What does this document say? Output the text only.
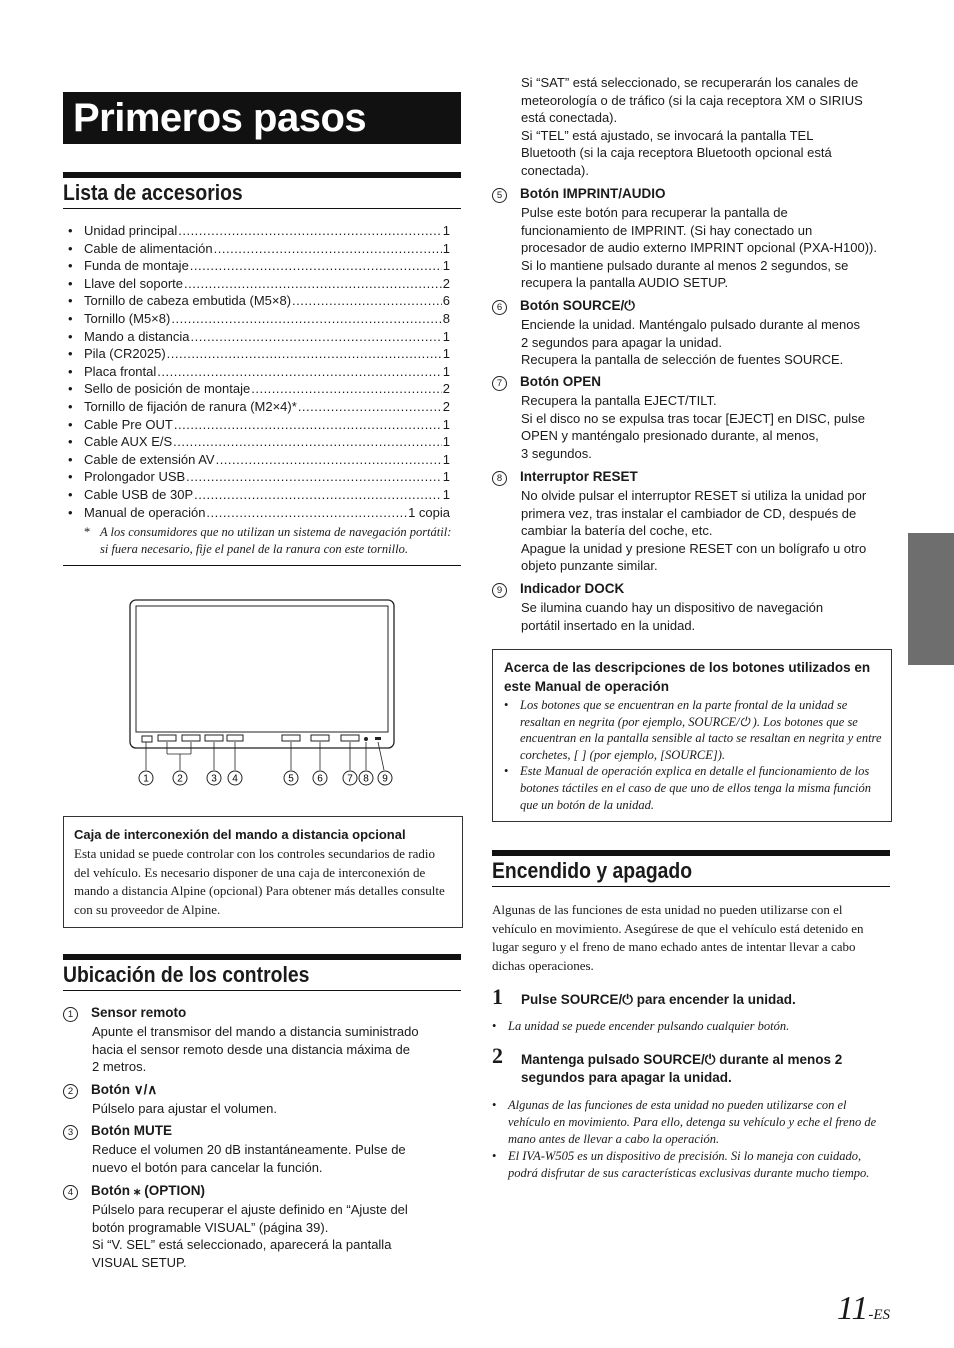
Primeros pasos
Lista de accesorios
• Unidad principal .....	1
• Cable de alimentación .....	1
• Funda de montaje .....	1
• Llave del soporte .....	2
• Tornillo de cabeza embutida (M5×8) .....	6
• Tornillo (M5×8) .....	8
• Mando a distancia .....	1
• Pila (CR2025) .....	1
• Placa frontal .....	1
• Sello de posición de montaje .....	2
• Tornillo de fijación de ranura (M2×4)* .....	2
• Cable Pre OUT .....	1
• Cable AUX E/S .....	1
• Cable de extensión AV .....	1
• Prolongador USB .....	1
• Cable USB de 30P .....	1
• Manual de operación .....	1 copia
* A los consumidores que no utilizan un sistema de navegación portátil: si fuera necesario, fije el panel de la ranura con este tornillo.
1	2	3 4	5 6 7 8 9
Caja de interconexión del mando a distancia opcional
Esta unidad se puede controlar con los controles secundarios de radio del vehículo. Es necesario disponer de una caja de interconexión de mando a distancia Alpine (opcional) Para obtener más detalles consulte con su proveedor de Alpine.
Ubicación de los controles
1 Sensor remoto
Apunte el transmisor del mando a distancia suministrado
hacia el sensor remoto desde una distancia máxima de
2 metros.
2 Botón ∨/∧
Púlselo para ajustar el volumen.
3 Botón MUTE
Reduce el volumen 20 dB instantáneamente. Pulse de
nuevo el botón para cancelar la función.
4 Botón ⁎ (OPTION)
Púlselo para recuperar el ajuste definido en “Ajuste del
botón programable VISUAL” (página 39).
Si “V. SEL” está seleccionado, aparecerá la pantalla
VISUAL SETUP.
Si “SAT” está seleccionado, se recuperarán los canales de
meteorología o de tráfico (si la caja receptora XM o SIRIUS
está conectada).
Si “TEL” está ajustado, se invocará la pantalla TEL
Bluetooth (si la caja receptora Bluetooth opcional está
conectada).
5 Botón IMPRINT/AUDIO
Pulse este botón para recuperar la pantalla de
funcionamiento de IMPRINT. (Si hay conectado un
procesador de audio externo IMPRINT opcional (PXA-H100)).
Si lo mantiene pulsado durante al menos 2 segundos, se
recupera la pantalla AUDIO SETUP.
6 Botón SOURCE/⏻
Enciende la unidad. Manténgalo pulsado durante al menos
2 segundos para apagar la unidad.
Recupera la pantalla de selección de fuentes SOURCE.
7 Botón OPEN
Recupera la pantalla EJECT/TILT.
Si el disco no se expulsa tras tocar [EJECT] en DISC, pulse
OPEN y manténgalo presionado durante, al menos,
3 segundos.
8 Interruptor RESET
No olvide pulsar el interruptor RESET si utiliza la unidad por
primera vez, tras instalar el cambiador de CD, después de
cambiar la batería del coche, etc.
Apague la unidad y presione RESET con un bolígrafo u otro
objeto punzante similar.
9 Indicador DOCK
Se ilumina cuando hay un dispositivo de navegación
portátil insertado en la unidad.
Acerca de las descripciones de los botones utilizados en este Manual de operación
• Los botones que se encuentran en la parte frontal de la unidad se resaltan en negrita (por ejemplo, SOURCE/⏻ ). Los botones que se encuentran en la pantalla sensible al tacto se resaltan en negrita y entre corchetes, [ ] (por ejemplo, [SOURCE]).
• Este Manual de operación explica en detalle el funcionamiento de los botones táctiles en el caso de que uno de ellos tenga la misma función que un botón de la unidad.
Encendido y apagado
Algunas de las funciones de esta unidad no pueden utilizarse con el vehículo en movimiento. Asegúrese de que el vehículo está detenido en lugar seguro y el freno de mano echado antes de intentar llevar a cabo dichas operaciones.
1 Pulse SOURCE/⏻ para encender la unidad.
• La unidad se puede encender pulsando cualquier botón.
2 Mantenga pulsado SOURCE/⏻ durante al menos 2 segundos para apagar la unidad.
• Algunas de las funciones de esta unidad no pueden utilizarse con el vehículo en movimiento. Para ello, detenga su vehículo y eche el freno de mano antes de llevar a cabo la operación.
• El IVA-W505 es un dispositivo de precisión. Si lo maneja con cuidado, podrá disfrutar de sus características exclusivas durante mucho tiempo.
11-ES
